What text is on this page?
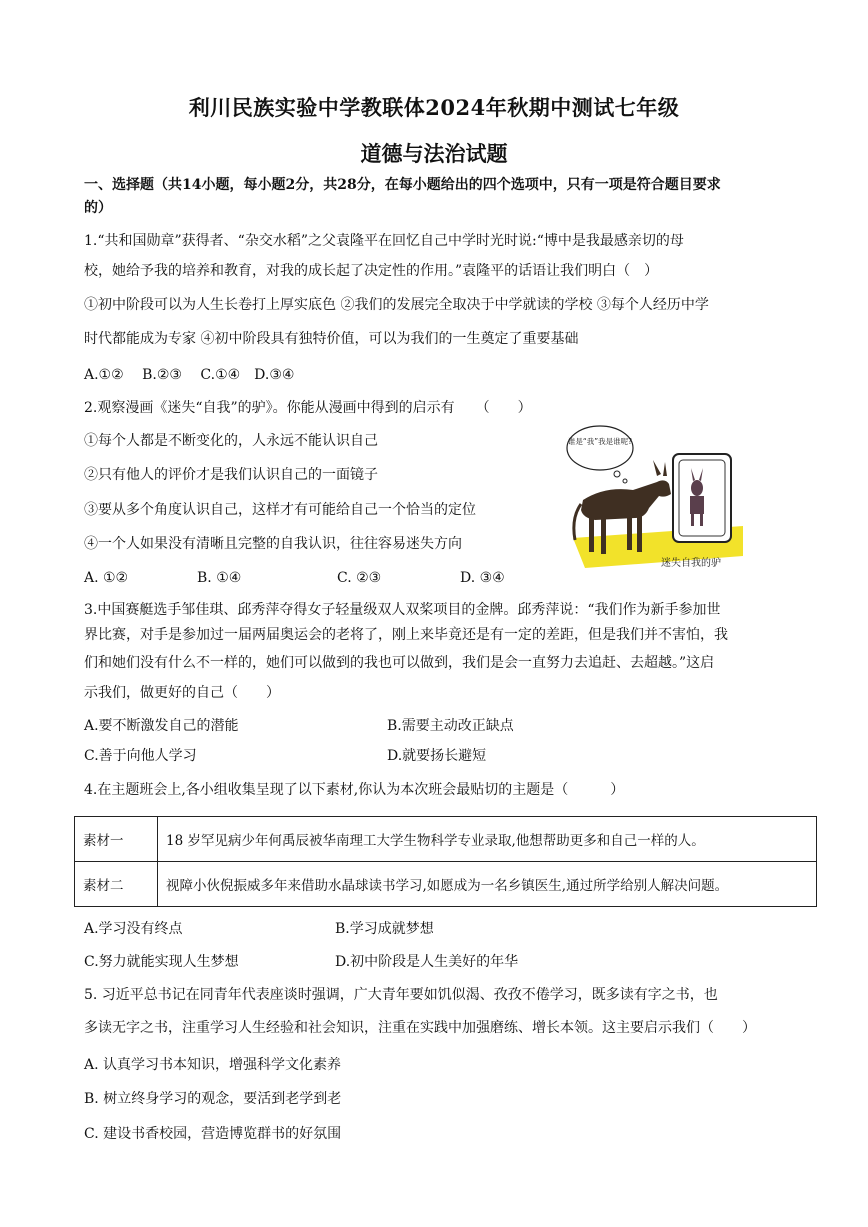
利川民族实验中学教联体2024年秋期中测试七年级
道德与法治试题
一、选择题（共14小题，每小题2分，共28分，在每小题给出的四个选项中，只有一项是符合题目要求
的）
1.“共和国勋章”获得者、“杂交水稻”之父袁隆平在回忆自己中学时光时说:“博中是我最感亲切的母
校，她给予我的培养和教育，对我的成长起了决定性的作用。”袁隆平的话语让我们明白（　）
①初中阶段可以为人生长卷打上厚实底色 ②我们的发展完全取决于中学就读的学校 ③每个人经历中学
时代都能成为专家 ④初中阶段具有独特价值，可以为我们的一生奠定了重要基础
A.①②　 B.②③　 C.①④　D.③④
2.观察漫画《迷失“自我”的驴》。你能从漫画中得到的启示有　　（　　）
①每个人都是不断变化的，人永远不能认识自己
②只有他人的评价才是我们认识自己的一面镜子
③要从多个角度认识自己，这样才有可能给自己一个恰当的定位
④一个人如果没有清晰且完整的自我认识，往往容易迷失方向
A. ①②	B. ①④	C. ②③	D. ③④
谁是“我”我是谁呢?
迷失自我的驴
3.中国赛艇选手邹佳琪、邱秀萍夺得女子轻量级双人双桨项目的金牌。邱秀萍说：“我们作为新手参加世
界比赛，对手是参加过一届两届奥运会的老将了，刚上来毕竟还是有一定的差距，但是我们并不害怕，我
们和她们没有什么不一样的，她们可以做到的我也可以做到，我们是会一直努力去追赶、去超越。”这启
示我们，做更好的自己（　　）
A.要不断激发自己的潜能	B.需要主动改正缺点
C.善于向他人学习	D.就要扬长避短
4.在主题班会上,各小组收集呈现了以下素材,你认为本次班会最贴切的主题是（　　　）
素材一	18 岁罕见病少年何禹辰被华南理工大学生物科学专业录取,他想帮助更多和自己一样的人。
素材二	视障小伙倪振威多年来借助水晶球读书学习,如愿成为一名乡镇医生,通过所学给别人解决问题。
A.学习没有终点	B.学习成就梦想
C.努力就能实现人生梦想	D.初中阶段是人生美好的年华
5. 习近平总书记在同青年代表座谈时强调，广大青年要如饥似渴、孜孜不倦学习，既多读有字之书，也
多读无字之书，注重学习人生经验和社会知识，注重在实践中加强磨练、增长本领。这主要启示我们（　　）
A. 认真学习书本知识，增强科学文化素养
B. 树立终身学习的观念，要活到老学到老
C. 建设书香校园，营造博览群书的好氛围
